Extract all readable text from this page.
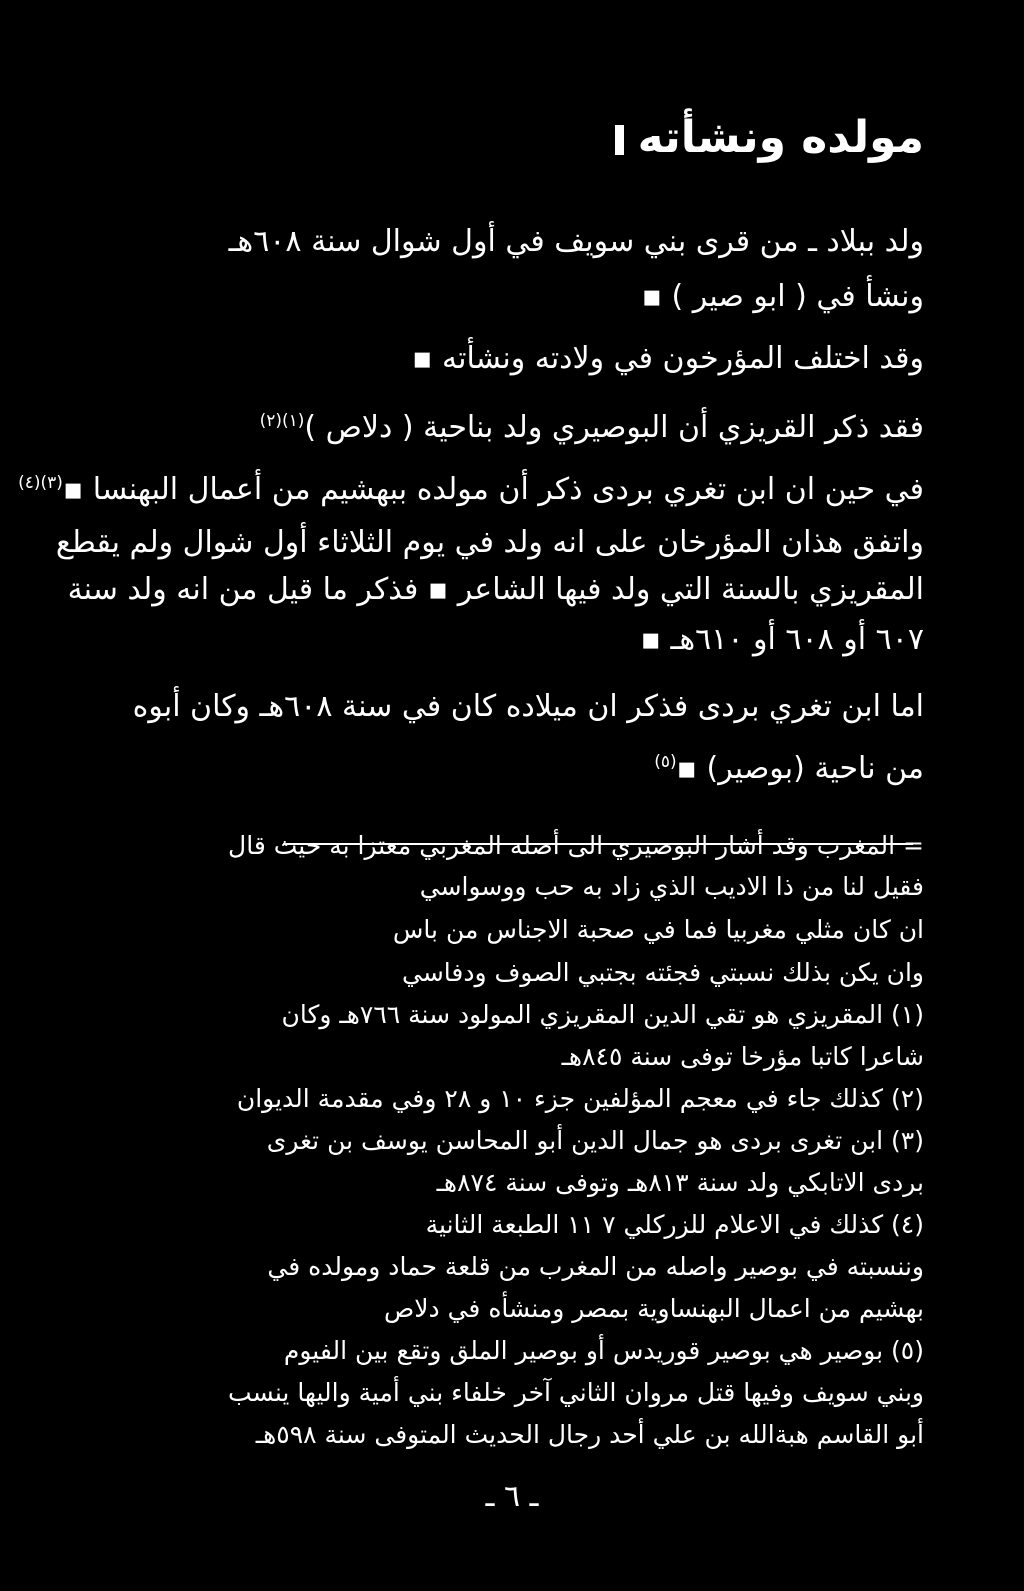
مولده ونشأته
ولد ببلاد ـ من قرى بني سويف في أول شوال سنة ٦٠٨هـ
ونشأ في ( ابو صير ) ▪
وقد اختلف المؤرخون في ولادته ونشأته ▪
فقد ذكر القريزي أن البوصيري ولد بناحية ( دلاص )$^{(١)(٢)}$
في حين ان ابن تغري بردى ذكر أن مولده ببهشيم من أعمال البهنسا ▪$^{(٣)(٤)}$
واتفق هذان المؤرخان على انه ولد في يوم الثلاثاء أول شوال ولم يقطع
المقريزي بالسنة التي ولد فيها الشاعر ▪ فذكر ما قيل من انه ولد سنة
٦٠٧ أو ٦٠٨ أو ٦١٠هـ ▪
اما ابن تغري بردى فذكر ان ميلاده كان في سنة ٦٠٨هـ وكان أبوه
من ناحية (بوصير) ▪$^{(٥)}$
= المغرب وقد أشار البوصيري الى أصله المغربي معتزا به حيث قال
فقيل لنا من ذا الاديب الذي زاد به حب ووسواسي
ان كان مثلي مغربيا فما في صحبة الاجناس من باس
وان يكن بذلك نسبتي فجئته بجتبي الصوف ودفاسي
(١) المقريزي هو تقي الدين المقريزي المولود سنة ٧٦٦هـ وكان
شاعرا كاتبا مؤرخا توفى سنة ٨٤٥هـ
(٢) كذلك جاء في معجم المؤلفين جزء ١٠ و ٢٨ وفي مقدمة الديوان
(٣) ابن تغرى بردى هو جمال الدين أبو المحاسن يوسف بن تغرى
بردى الاتابكي ولد سنة ٨١٣هـ وتوفى سنة ٨٧٤هـ
(٤) كذلك في الاعلام للزركلي ٧ ١١ الطبعة الثانية
وننسبته في بوصير واصله من المغرب من قلعة حماد ومولده في
بهشيم من اعمال البهنساوية بمصر ومنشأه في دلاص
(٥) بوصير هي بوصير قوريدس أو بوصير الملق وتقع بين الفيوم
وبني سويف وفيها قتل مروان الثاني آخر خلفاء بني أمية واليها ينسب
أبو القاسم هبةالله بن علي أحد رجال الحديث المتوفى سنة ٥٩٨هـ
ـ ٦ ـ
